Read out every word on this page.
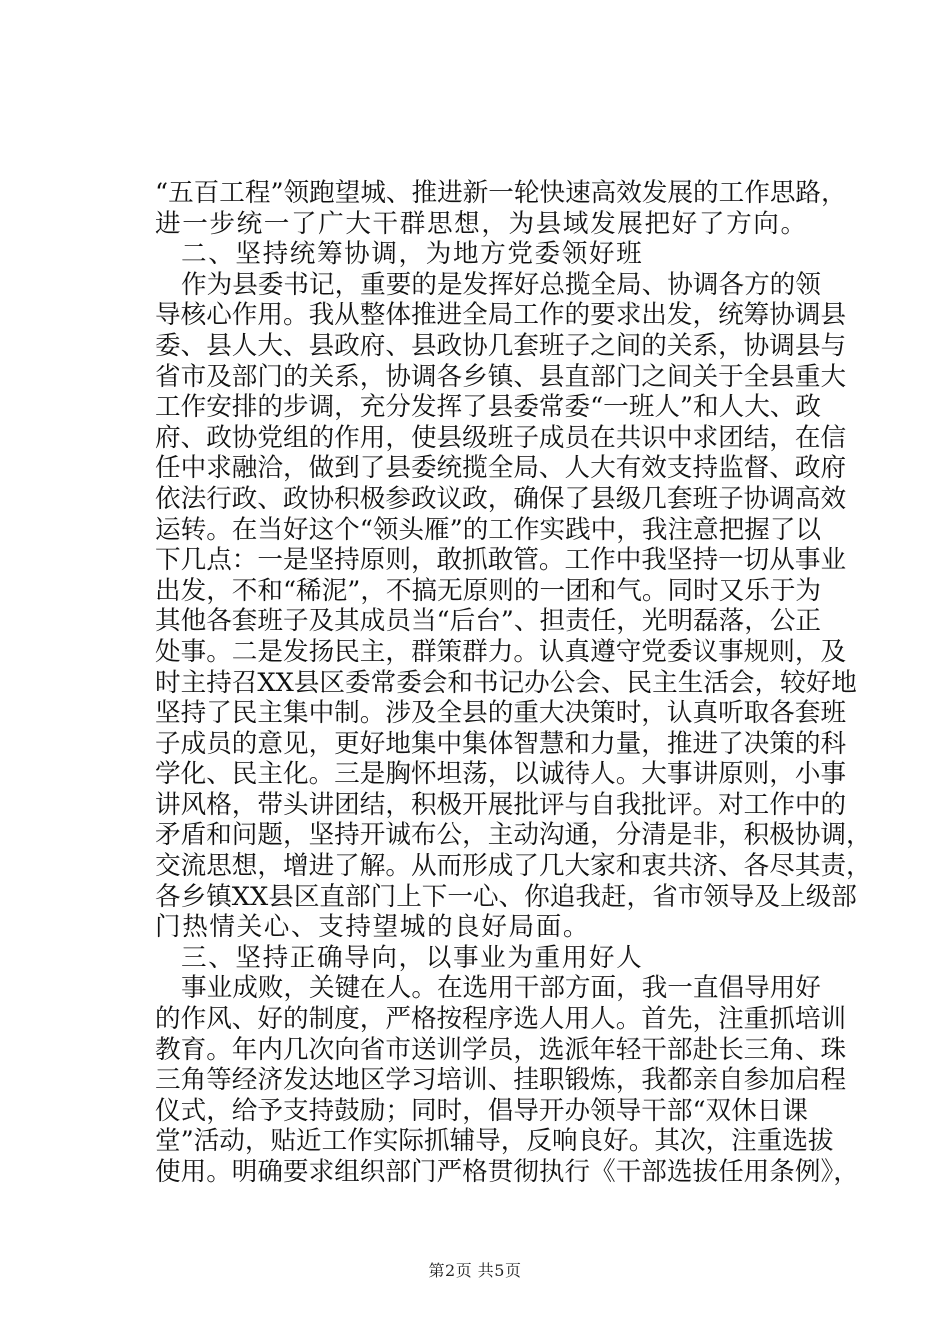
“五百工程”领跑望城、推进新一轮快速高效发展的工作思路，
进一步统一了广大干群思想，为县域发展把好了方向。
二、坚持统筹协调，为地方党委领好班
作为县委书记，重要的是发挥好总揽全局、协调各方的领
导核心作用。我从整体推进全局工作的要求出发，统筹协调县
委、县人大、县政府、县政协几套班子之间的关系，协调县与
省市及部门的关系，协调各乡镇、县直部门之间关于全县重大
工作安排的步调，充分发挥了县委常委“一班人”和人大、政
府、政协党组的作用，使县级班子成员在共识中求团结，在信
任中求融洽，做到了县委统揽全局、人大有效支持监督、政府
依法行政、政协积极参政议政，确保了县级几套班子协调高效
运转。在当好这个“领头雁”的工作实践中，我注意把握了以
下几点：一是坚持原则，敢抓敢管。工作中我坚持一切从事业
出发，不和“稀泥”，不搞无原则的一团和气。同时又乐于为
其他各套班子及其成员当“后台”、担责任，光明磊落，公正
处事。二是发扬民主，群策群力。认真遵守党委议事规则，及
时主持召XX县区委常委会和书记办公会、民主生活会，较好地
坚持了民主集中制。涉及全县的重大决策时，认真听取各套班
子成员的意见，更好地集中集体智慧和力量，推进了决策的科
学化、民主化。三是胸怀坦荡，以诚待人。大事讲原则，小事
讲风格，带头讲团结，积极开展批评与自我批评。对工作中的
矛盾和问题，坚持开诚布公，主动沟通，分清是非，积极协调，
交流思想，增进了解。从而形成了几大家和衷共济、各尽其责，
各乡镇XX县区直部门上下一心、你追我赶，省市领导及上级部
门热情关心、支持望城的良好局面。
三、坚持正确导向，以事业为重用好人
事业成败，关键在人。在选用干部方面，我一直倡导用好
的作风、好的制度，严格按程序选人用人。首先，注重抓培训
教育。年内几次向省市送训学员，选派年轻干部赴长三角、珠
三角等经济发达地区学习培训、挂职锻炼，我都亲自参加启程
仪式，给予支持鼓励；同时，倡导开办领导干部“双休日课
堂”活动，贴近工作实际抓辅导，反响良好。其次，注重选拔
使用。明确要求组织部门严格贯彻执行《干部选拔任用条例》，
第2页 共5页
